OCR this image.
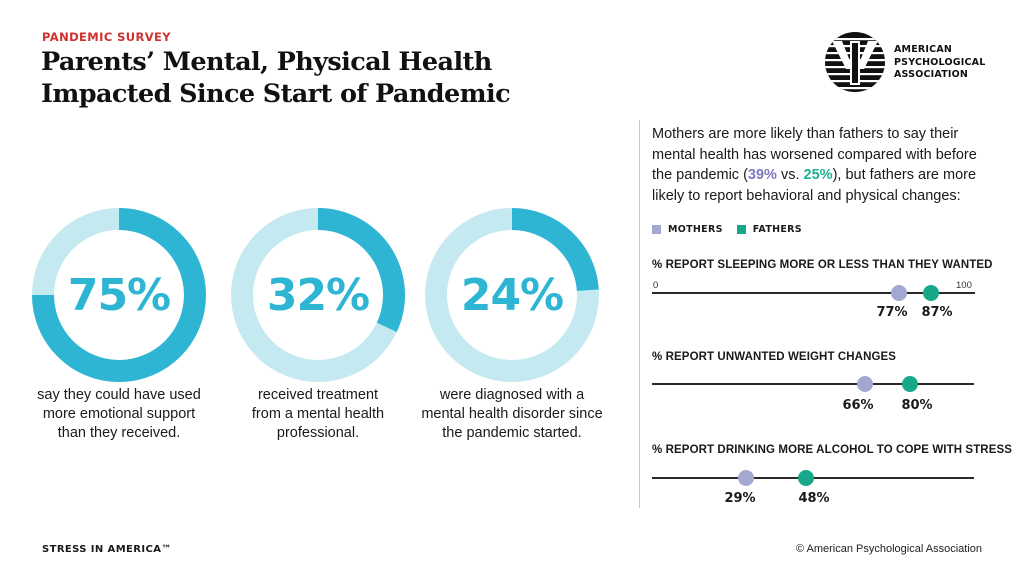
PANDEMIC SURVEY
Parents’ Mental, Physical Health
Impacted Since Start of Pandemic
AMERICAN
PSYCHOLOGICAL
ASSOCIATION
75%
say they could have used
more emotional support
than they received.
32%
received treatment
from a mental health
professional.
24%
were diagnosed with a
mental health disorder since
the pandemic started.
Mothers are more likely than fathers to say their
mental health has worsened compared with before
the pandemic (39% vs. 25%), but fathers are more
likely to report behavioral and physical changes:
MOTHERS	FATHERS
% REPORT SLEEPING MORE OR LESS THAN THEY WANTED
0	100
77%	87%
% REPORT UNWANTED WEIGHT CHANGES
66%	80%
% REPORT DRINKING MORE ALCOHOL TO COPE WITH STRESS
29%	48%
STRESS IN AMERICA™	© American Psychological Association
